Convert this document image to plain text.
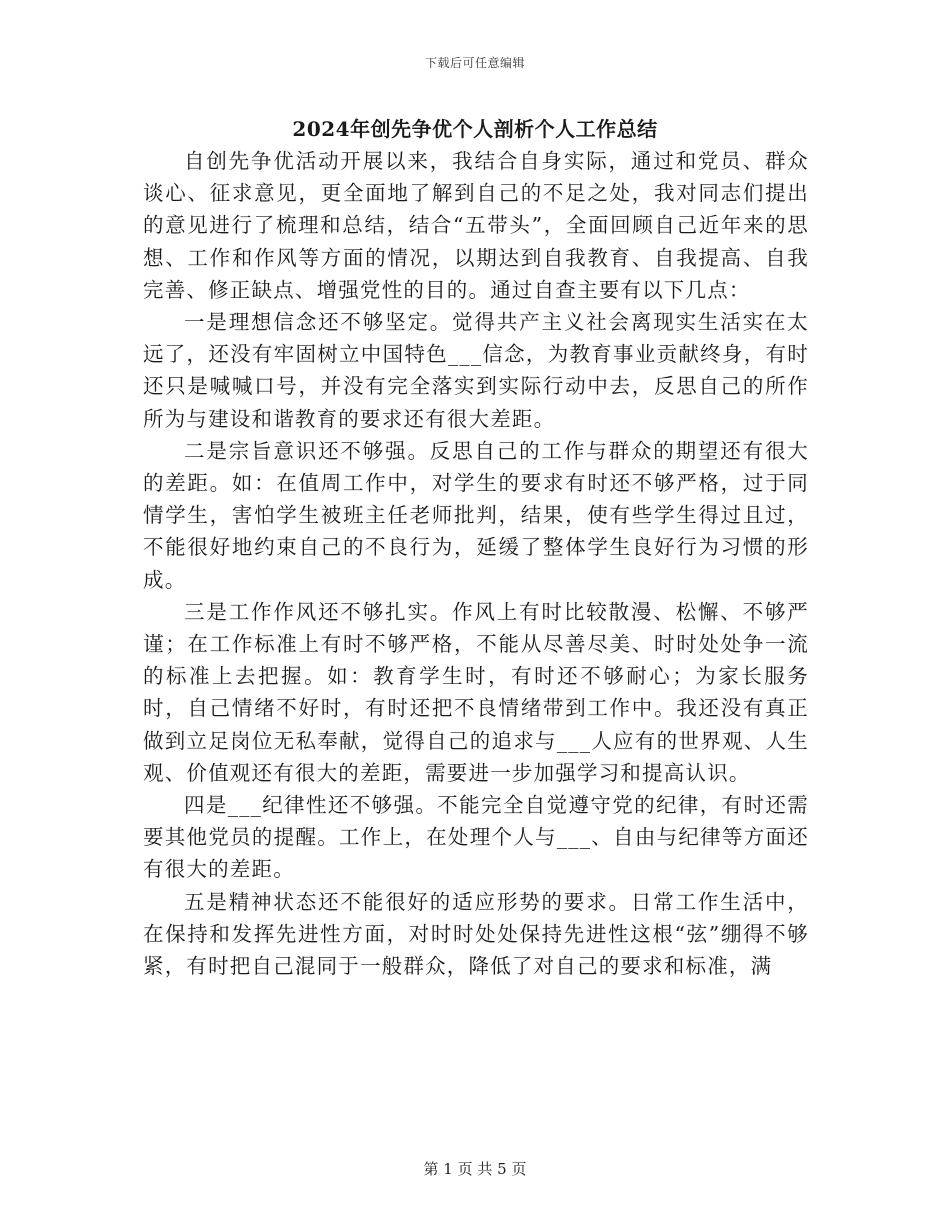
下载后可任意编辑
2024年创先争优个人剖析个人工作总结

自创先争优活动开展以来，我结合自身实际，通过和党员、群众谈心、征求意见，更全面地了解到自己的不足之处，我对同志们提出的意见进行了梳理和总结，结合“五带头”，全面回顾自己近年来的思想、工作和作风等方面的情况，以期达到自我教育、自我提高、自我完善、修正缺点、增强党性的目的。通过自查主要有以下几点：

一是理想信念还不够坚定。觉得共产主义社会离现实生活实在太远了，还没有牢固树立中国特色___信念，为教育事业贡献终身，有时还只是喊喊口号，并没有完全落实到实际行动中去，反思自己的所作所为与建设和谐教育的要求还有很大差距。

二是宗旨意识还不够强。反思自己的工作与群众的期望还有很大的差距。如：在值周工作中，对学生的要求有时还不够严格，过于同情学生，害怕学生被班主任老师批判，结果，使有些学生得过且过，不能很好地约束自己的不良行为，延缓了整体学生良好行为习惯的形成。

三是工作作风还不够扎实。作风上有时比较散漫、松懈、不够严谨；在工作标准上有时不够严格，不能从尽善尽美、时时处处争一流的标准上去把握。如：教育学生时，有时还不够耐心；为家长服务时，自己情绪不好时，有时还把不良情绪带到工作中。我还没有真正做到立足岗位无私奉献，觉得自己的追求与___人应有的世界观、人生观、价值观还有很大的差距，需要进一步加强学习和提高认识。

四是___纪律性还不够强。不能完全自觉遵守党的纪律，有时还需要其他党员的提醒。工作上，在处理个人与___、自由与纪律等方面还有很大的差距。

五是精神状态还不能很好的适应形势的要求。日常工作生活中，在保持和发挥先进性方面，对时时处处保持先进性这根“弦”绷得不够紧，有时把自己混同于一般群众，降低了对自己的要求和标准，满

第 1 页 共 5 页
